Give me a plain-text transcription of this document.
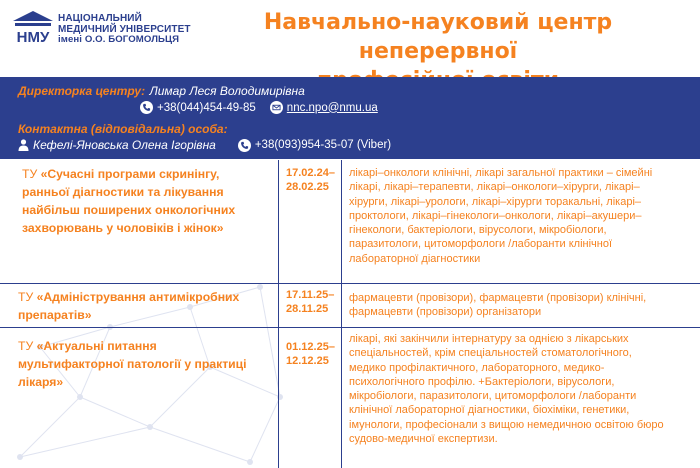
НМУ
НАЦІОНАЛЬНИЙ
МЕДИЧНИЙ УНІВЕРСИТЕТ
імені О.О. БОГОМОЛЬЦЯ
Навчально-науковий центр неперервної
Директорка центру: Лимар Леся Володимирівна
+38(044)454-49-85	nnc.npo@nmu.ua
Контактна (відповідальна) особа:
Кефелі-Яновська Олена Ігорівна	+38(093)954-35-07 (Viber)
ТУ «Сучасні програми скринінгу,
ранньої діагностики та лікування
найбільш поширених онкологічних
захворювань у чоловіків і жінок»
17.02.24–
28.02.25
лікарі–онкологи клінічні, лікарі загальної практики – сімейні
лікарі, лікарі–терапевти, лікарі–онкологи–хірурги, лікарі–
хірурги, лікарі–урологи, лікарі–хірурги торакальні, лікарі–
проктологи, лікарі–гінекологи–онкологи, лікарі–акушери–
гінекологи, бактеріологи, вірусологи, мікробіологи,
паразитологи, цитоморфологи /лаборанти клінічної
лабораторної діагностики
ТУ «Адміністрування антимікробних
препаратів»
17.11.25–
28.11.25
фармацевти (провізори), фармацевти (провізори) клінічні,
фармацевти (провізори) організатори
ТУ «Актуальні питання
мультифакторної патології у практиці
лікаря»
01.12.25–
12.12.25
лікарі, які закінчили інтернатуру за однією з лікарських
спеціальностей, крім спеціальностей стоматологічного,
медико профілактичного, лабораторного, медико-
психологічного профілю. +Бактеріологи, вірусологи,
мікробіологи, паразитологи, цитоморфологи /лаборанти
клінічної лабораторної діагностики, біохіміки, генетики,
імунологи, професіонали з вищою немедичною освітою бюро
судово-медичної експертизи.
